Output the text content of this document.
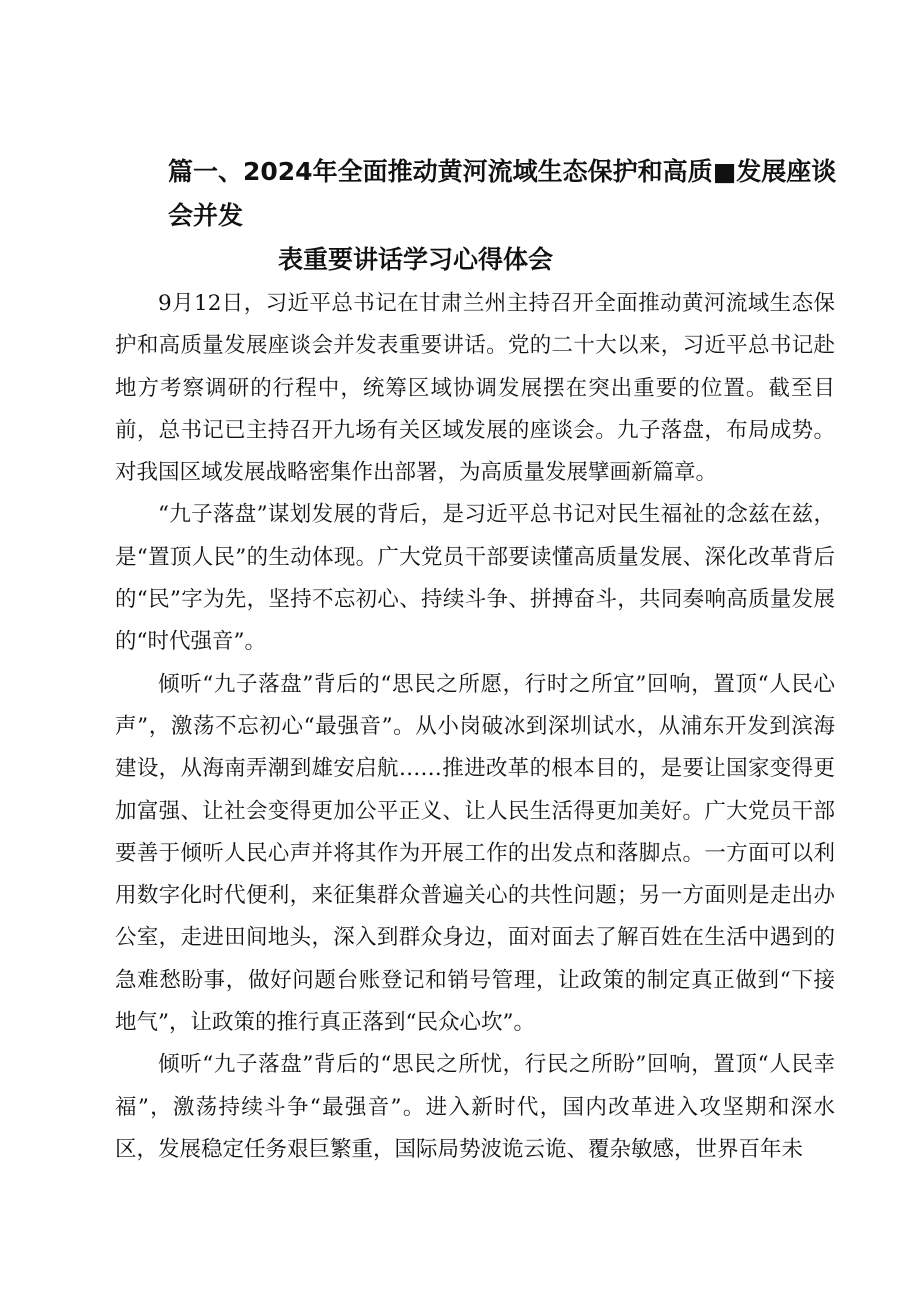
篇一、2024年全面推动黄河流域生态保护和高质■发展座谈会并发
表重要讲话学习心得体会

9月12日，习近平总书记在甘肃兰州主持召开全面推动黄河流域生态保护和高质量发展座谈会并发表重要讲话。党的二十大以来，习近平总书记赴地方考察调研的行程中，统筹区域协调发展摆在突出重要的位置。截至目前，总书记已主持召开九场有关区域发展的座谈会。九子落盘，布局成势。对我国区域发展战略密集作出部署，为高质量发展擘画新篇章。

“九子落盘”谋划发展的背后，是习近平总书记对民生福祉的念兹在兹，是“置顶人民”的生动体现。广大党员干部要读懂高质量发展、深化改革背后的“民”字为先，坚持不忘初心、持续斗争、拼搏奋斗，共同奏响高质量发展的“时代强音”。

倾听“九子落盘”背后的“思民之所愿，行时之所宜”回响，置顶“人民心声”，激荡不忘初心“最强音”。从小岗破冰到深圳试水，从浦东开发到滨海建设，从海南弄潮到雄安启航……推进改革的根本目的，是要让国家变得更加富强、让社会变得更加公平正义、让人民生活得更加美好。广大党员干部要善于倾听人民心声并将其作为开展工作的出发点和落脚点。一方面可以利用数字化时代便利，来征集群众普遍关心的共性问题；另一方面则是走出办公室，走进田间地头，深入到群众身边，面对面去了解百姓在生活中遇到的急难愁盼事，做好问题台账登记和销号管理，让政策的制定真正做到“下接地气”，让政策的推行真正落到“民众心坎”。

倾听“九子落盘”背后的“思民之所忧，行民之所盼”回响，置顶“人民幸福”，激荡持续斗争“最强音”。进入新时代，国内改革进入攻坚期和深水区，发展稳定任务艰巨繁重，国际局势波诡云诡、覆杂敏感，世界百年未
